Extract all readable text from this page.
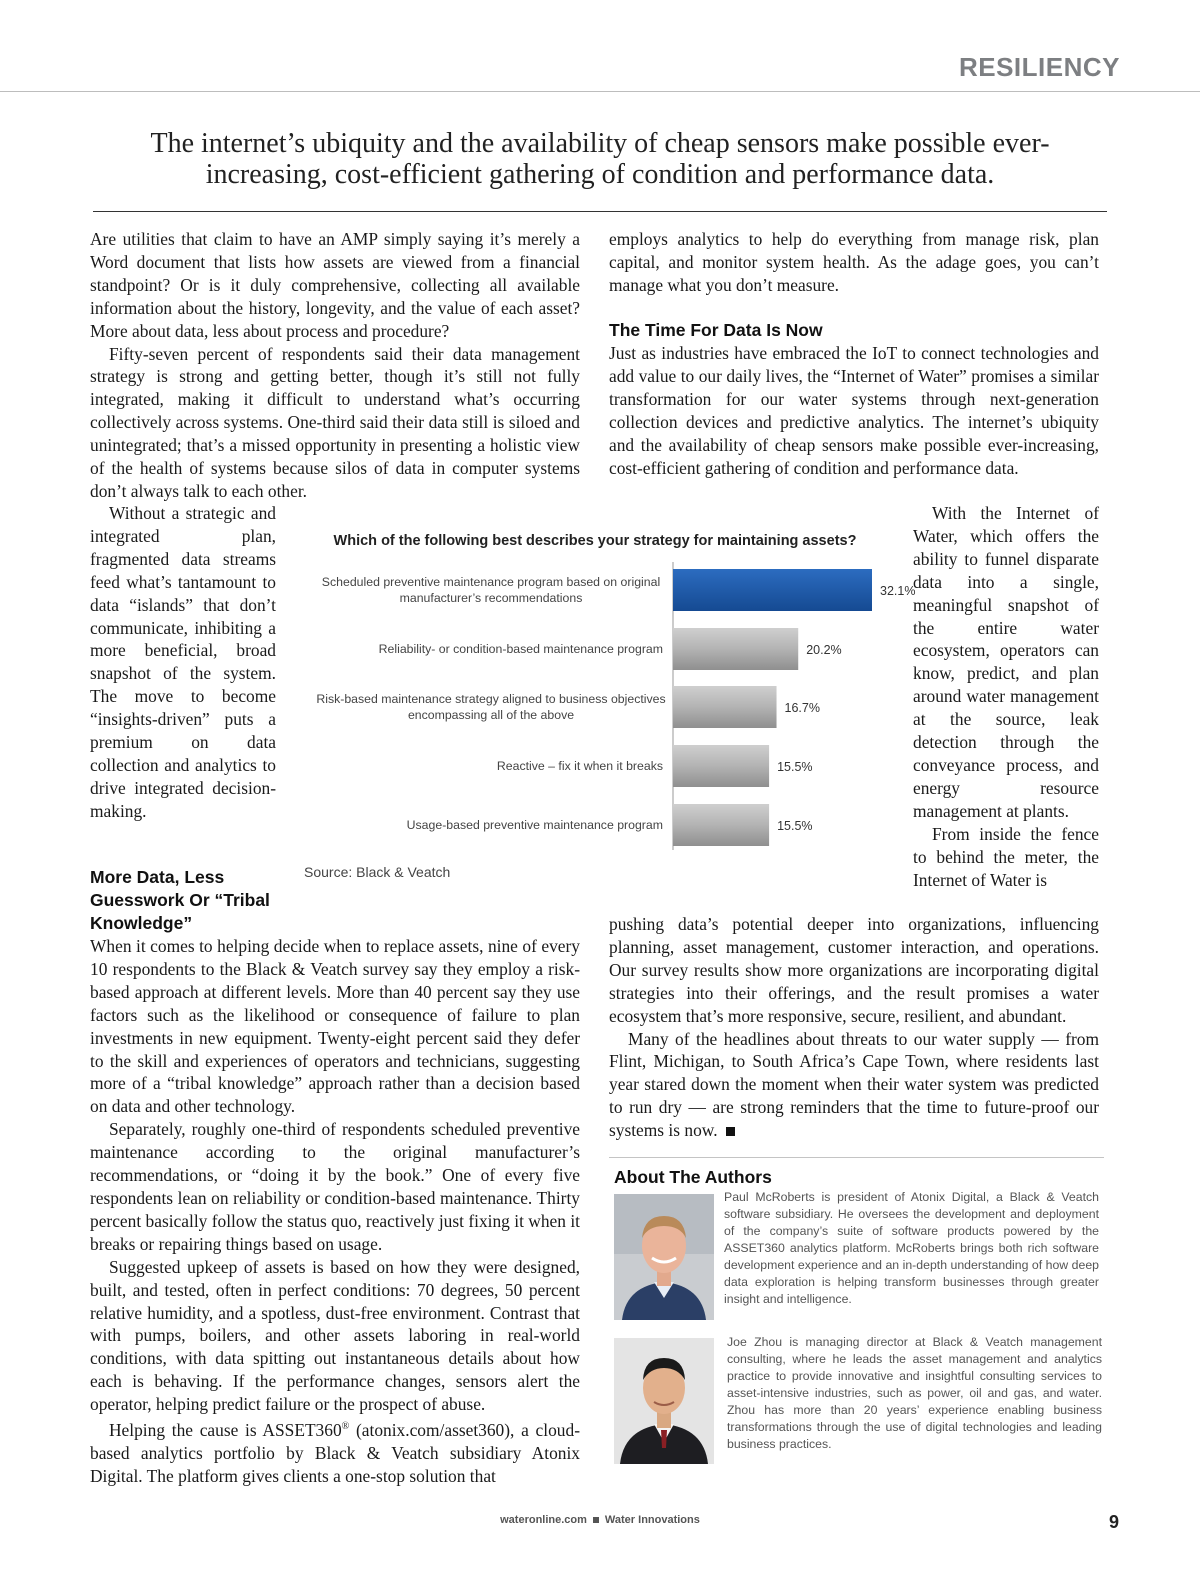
RESILIENCY
The internet’s ubiquity and the availability of cheap sensors make possible ever-increasing, cost-efficient gathering of condition and performance data.

Are utilities that claim to have an AMP simply saying it’s merely a Word document that lists how assets are viewed from a financial standpoint? Or is it duly comprehensive, collecting all available information about the history, longevity, and the value of each asset? More about data, less about process and procedure?

Fifty-seven percent of respondents said their data management strategy is strong and getting better, though it’s still not fully integrated, making it difficult to understand what’s occurring collectively across systems. One-third said their data still is siloed and unintegrated; that’s a missed opportunity in presenting a holistic view of the health of systems because silos of data in computer systems don’t always talk to each other.

Without a strategic and integrated plan, fragmented data streams feed what’s tantamount to data “islands” that don’t communicate, inhibiting a more beneficial, broad snapshot of the system. The move to become “insights-driven” puts a premium on data collection and analytics to drive integrated decision-making.

More Data, Less Guesswork Or “Tribal Knowledge”

When it comes to helping decide when to replace assets, nine of every 10 respondents to the Black & Veatch survey say they employ a risk-based approach at different levels. More than 40 percent say they use factors such as the likelihood or consequence of failure to plan investments in new equipment. Twenty-eight percent said they defer to the skill and experiences of operators and technicians, suggesting more of a “tribal knowledge” approach rather than a decision based on data and other technology.

Separately, roughly one-third of respondents scheduled preventive maintenance according to the original manufacturer’s recommendations, or “doing it by the book.” One of every five respondents lean on reliability or condition-based maintenance. Thirty percent basically follow the status quo, reactively just fixing it when it breaks or repairing things based on usage.

Suggested upkeep of assets is based on how they were designed, built, and tested, often in perfect conditions: 70 degrees, 50 percent relative humidity, and a spotless, dust-free environment. Contrast that with pumps, boilers, and other assets laboring in real-world conditions, with data spitting out instantaneous details about how each is behaving. If the performance changes, sensors alert the operator, helping predict failure or the prospect of abuse.

Helping the cause is ASSET360® (atonix.com/asset360), a cloud-based analytics portfolio by Black & Veatch subsidiary Atonix Digital. The platform gives clients a one-stop solution that

employs analytics to help do everything from manage risk, plan capital, and monitor system health. As the adage goes, you can’t manage what you don’t measure.

The Time For Data Is Now

Just as industries have embraced the IoT to connect technologies and add value to our daily lives, the “Internet of Water” promises a similar transformation for our water systems through next-generation collection devices and predictive analytics. The internet’s ubiquity and the availability of cheap sensors make possible ever-increasing, cost-efficient gathering of condition and performance data.

With the Internet of Water, which offers the ability to funnel disparate data into a single, meaningful snapshot of the entire water ecosystem, operators can know, predict, and plan around water management at the source, leak detection through the conveyance process, and energy resource management at plants.

From inside the fence to behind the meter, the Internet of Water is

pushing data’s potential deeper into organizations, influencing planning, asset management, customer interaction, and operations. Our survey results show more organizations are incorporating digital strategies into their offerings, and the result promises a water ecosystem that’s more responsive, secure, resilient, and abundant.

Many of the headlines about threats to our water supply — from Flint, Michigan, to South Africa’s Cape Town, where residents last year stared down the moment when their water system was predicted to run dry — are strong reminders that the time to future-proof our systems is now.

Which of the following best describes your strategy for maintaining assets?
32.1%
Scheduled preventive maintenance program based on original
manufacturer’s recommendations
20.2%
Reliability- or condition-based maintenance program
16.7%
Risk-based maintenance strategy aligned to business objectives
encompassing all of the above
15.5%
Reactive – fix it when it breaks
15.5%
Usage-based preventive maintenance program
Source: Black & Veatch
About The Authors

Paul McRoberts is president of Atonix Digital, a Black & Veatch software subsidiary. He oversees the development and deployment of the company’s suite of software products powered by the ASSET360 analytics platform. McRoberts brings both rich software development experience and an in-depth understanding of how deep data exploration is helping transform businesses through greater insight and intelligence.

Joe Zhou is managing director at Black & Veatch management consulting, where he leads the asset management and analytics practice to provide innovative and insightful consulting services to asset-intensive industries, such as power, oil and gas, and water. Zhou has more than 20 years’ experience enabling business transformations through the use of digital technologies and leading business practices.

wateronline.com Water Innovations	9
